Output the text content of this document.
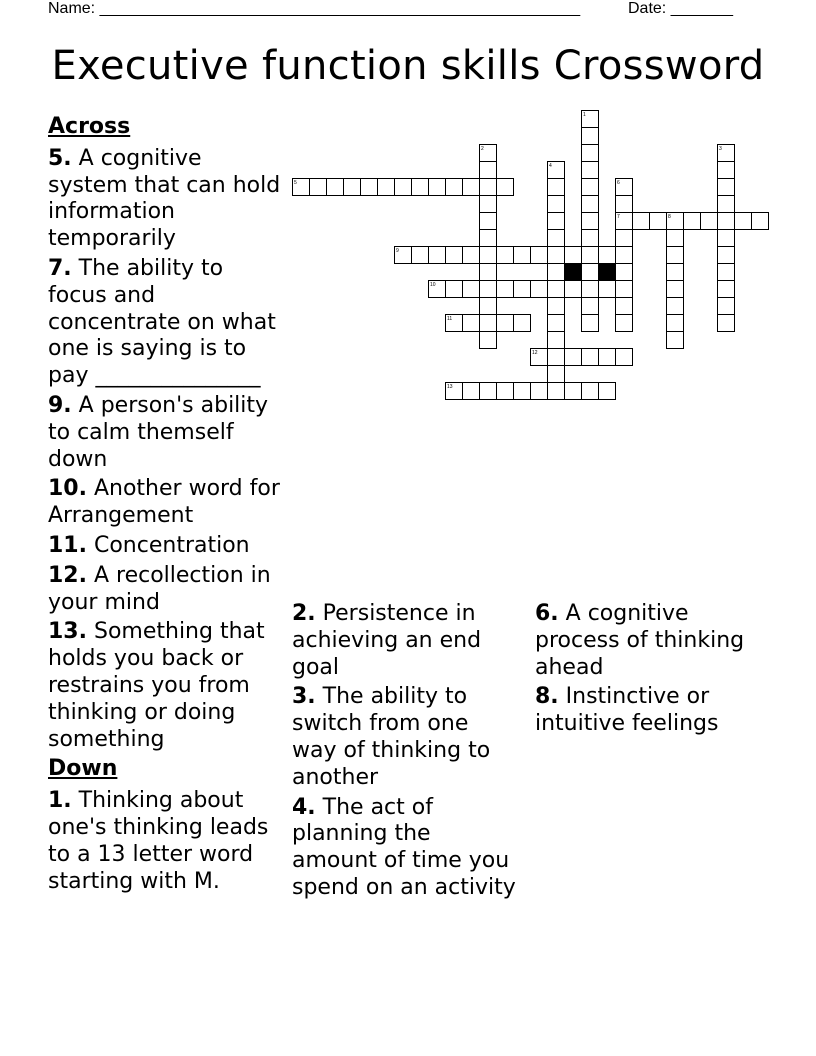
Name: ______________________________________________________	Date: _______
Executive function skills Crossword
1
2	3
4
5	6
7	8
9
10
11
12
13
Across
5. A cognitive system that can hold information temporarily
7. The ability to focus and concentrate on what one is saying is to pay _______________
9. A person's ability to calm themself down
10. Another word for Arrangement
11. Concentration
12. A recollection in your mind
13. Something that holds you back or restrains you from thinking or doing something
Down
1. Thinking about one's thinking leads to a 13 letter word starting with M.
2. Persistence in achieving an end goal
3. The ability to switch from one way of thinking to another
4. The act of planning the amount of time you spend on an activity
6. A cognitive process of thinking ahead
8. Instinctive or intuitive feelings
